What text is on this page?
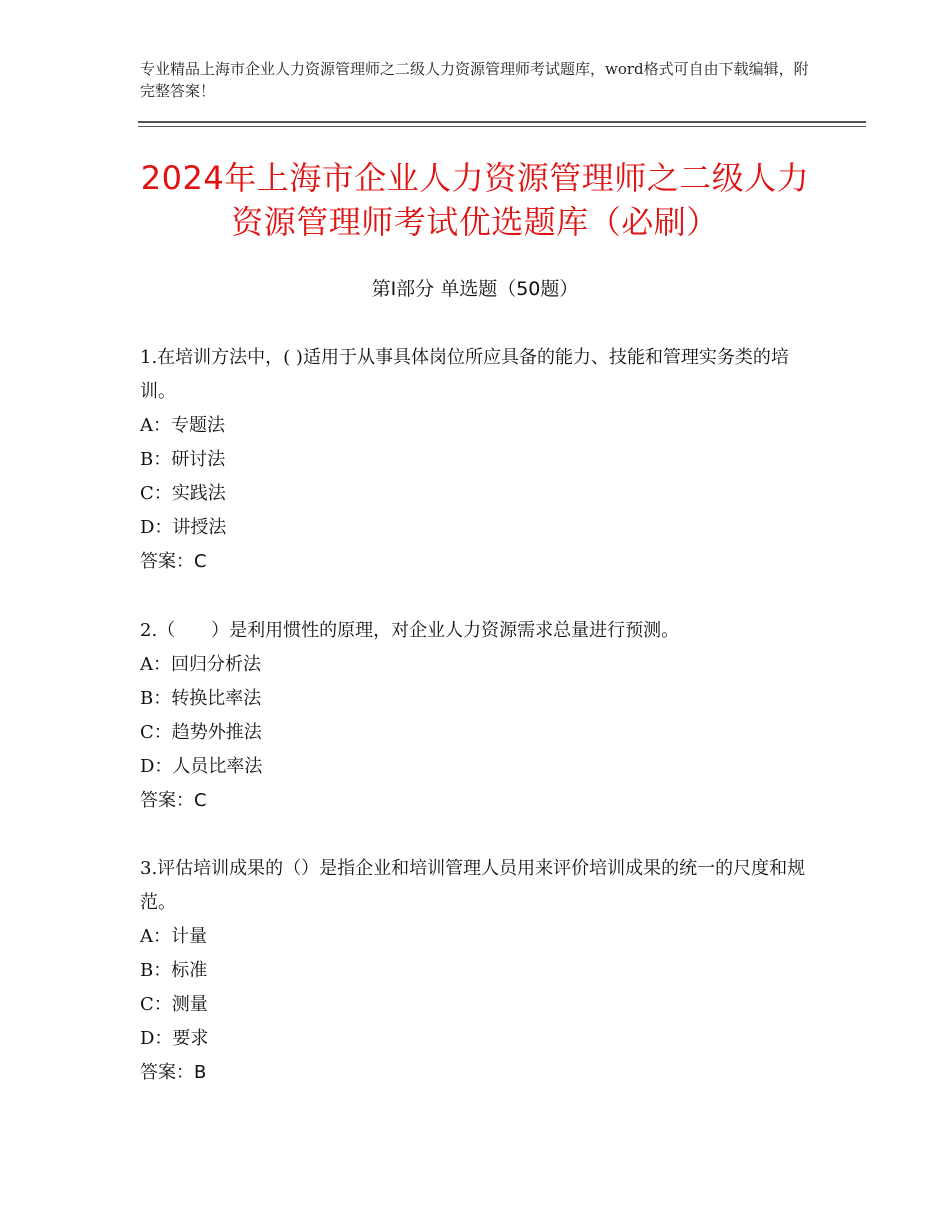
专业精品上海市企业人力资源管理师之二级人力资源管理师考试题库，word格式可自由下载编辑，附完整答案！
2024年上海市企业人力资源管理师之二级人力资源管理师考试优选题库（必刷）
第Ⅰ部分 单选题（50题）

1.在培训方法中，( )适用于从事具体岗位所应具备的能力、技能和管理实务类的培训。

A：专题法

B：研讨法

C：实践法

D：讲授法

答案：C

2.（　　）是利用惯性的原理，对企业人力资源需求总量进行预测。

A：回归分析法

B：转换比率法

C：趋势外推法

D：人员比率法

答案：C

3.评估培训成果的（）是指企业和培训管理人员用来评价培训成果的统一的尺度和规范。

A：计量

B：标准

C：测量

D：要求

答案：B
